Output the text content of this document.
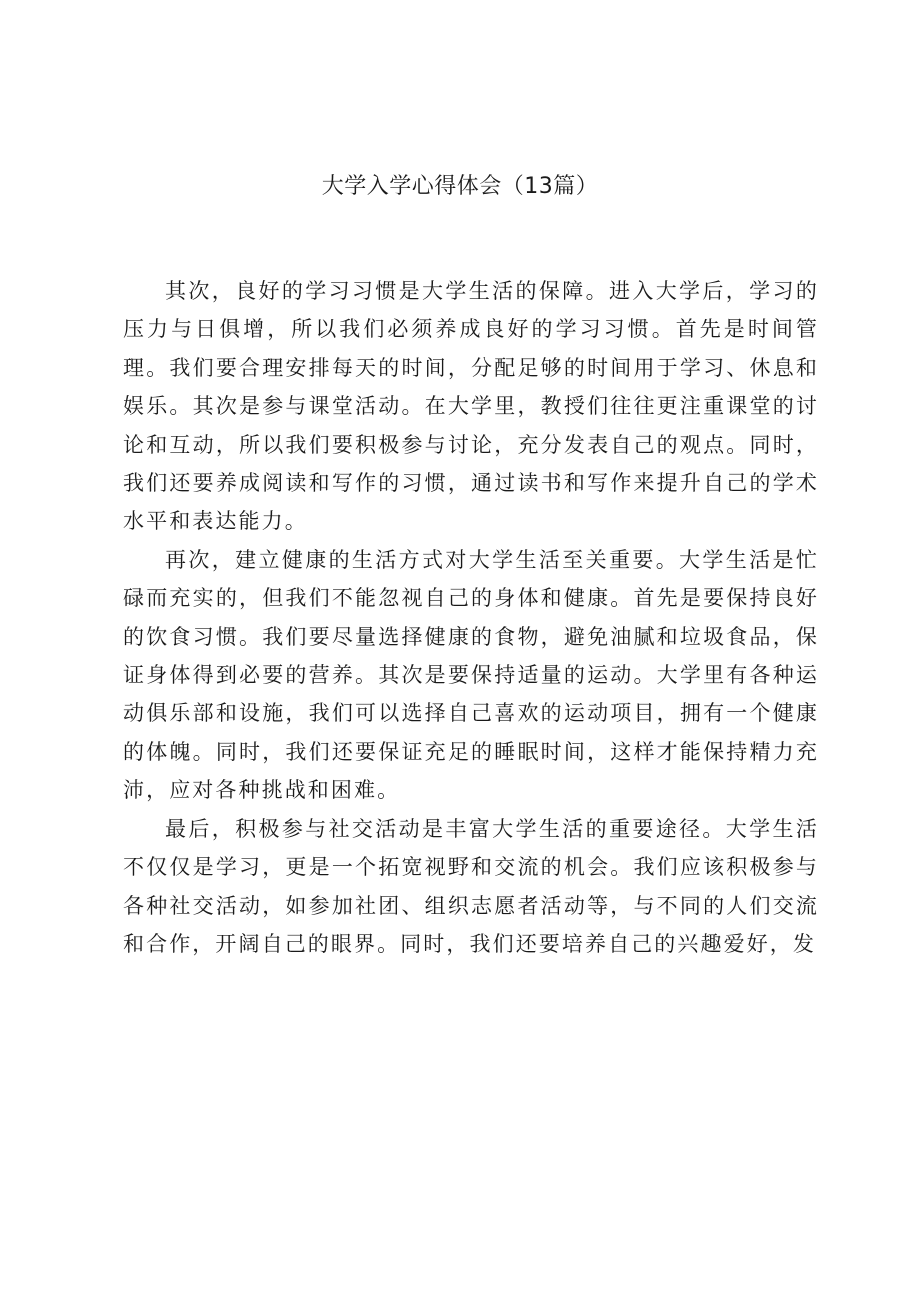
大学入学心得体会（13篇）

其次，良好的学习习惯是大学生活的保障。进入大学后，学习的压力与日俱增，所以我们必须养成良好的学习习惯。首先是时间管理。我们要合理安排每天的时间，分配足够的时间用于学习、休息和娱乐。其次是参与课堂活动。在大学里，教授们往往更注重课堂的讨论和互动，所以我们要积极参与讨论，充分发表自己的观点。同时，我们还要养成阅读和写作的习惯，通过读书和写作来提升自己的学术水平和表达能力。

再次，建立健康的生活方式对大学生活至关重要。大学生活是忙碌而充实的，但我们不能忽视自己的身体和健康。首先是要保持良好的饮食习惯。我们要尽量选择健康的食物，避免油腻和垃圾食品，保证身体得到必要的营养。其次是要保持适量的运动。大学里有各种运动俱乐部和设施，我们可以选择自己喜欢的运动项目，拥有一个健康的体魄。同时，我们还要保证充足的睡眠时间，这样才能保持精力充沛，应对各种挑战和困难。

最后，积极参与社交活动是丰富大学生活的重要途径。大学生活不仅仅是学习，更是一个拓宽视野和交流的机会。我们应该积极参与各种社交活动，如参加社团、组织志愿者活动等，与不同的人们交流和合作，开阔自己的眼界。同时，我们还要培养自己的兴趣爱好，发
